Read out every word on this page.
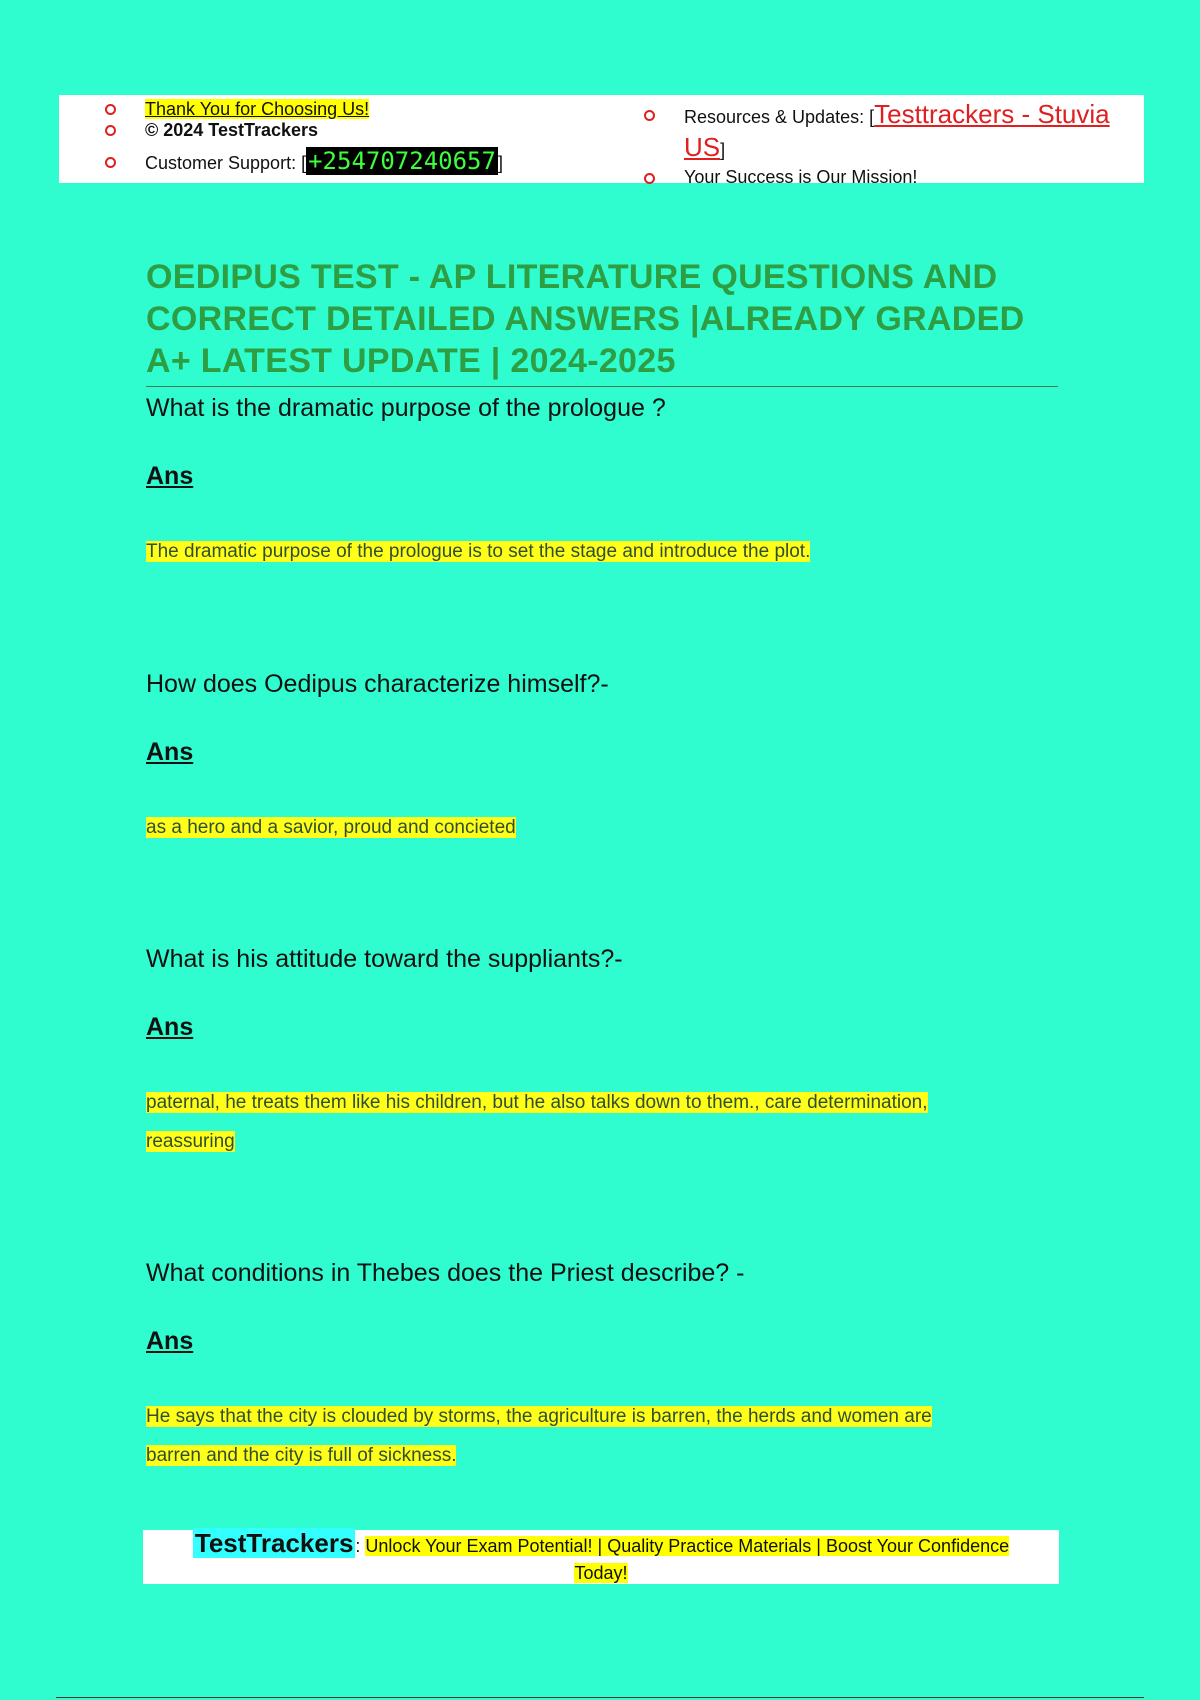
Thank You for Choosing Us!
© 2024 TestTrackers
Customer Support: [+254707240657 ]
Resources & Updates: [Testtrackers - Stuvia US]
Your Success is Our Mission!
OEDIPUS TEST - AP LITERATURE QUESTIONS AND CORRECT DETAILED ANSWERS |ALREADY GRADED A+ LATEST UPDATE | 2024-2025

What is the dramatic purpose of the prologue ?

Ans
The dramatic purpose of the prologue is to set the stage and introduce the plot.

How does Oedipus characterize himself?-

Ans
as a hero and a savior, proud and concieted

What is his attitude toward the suppliants?-

Ans
paternal, he treats them like his children, but he also talks down to them., care determination,
reassuring

What conditions in Thebes does the Priest describe? -

Ans
He says that the city is clouded by storms, the agriculture is barren, the herds and women are
barren and the city is full of sickness.
TestTrackers : Unlock Your Exam Potential! | Quality Practice Materials | Boost Your Confidence
Today!
